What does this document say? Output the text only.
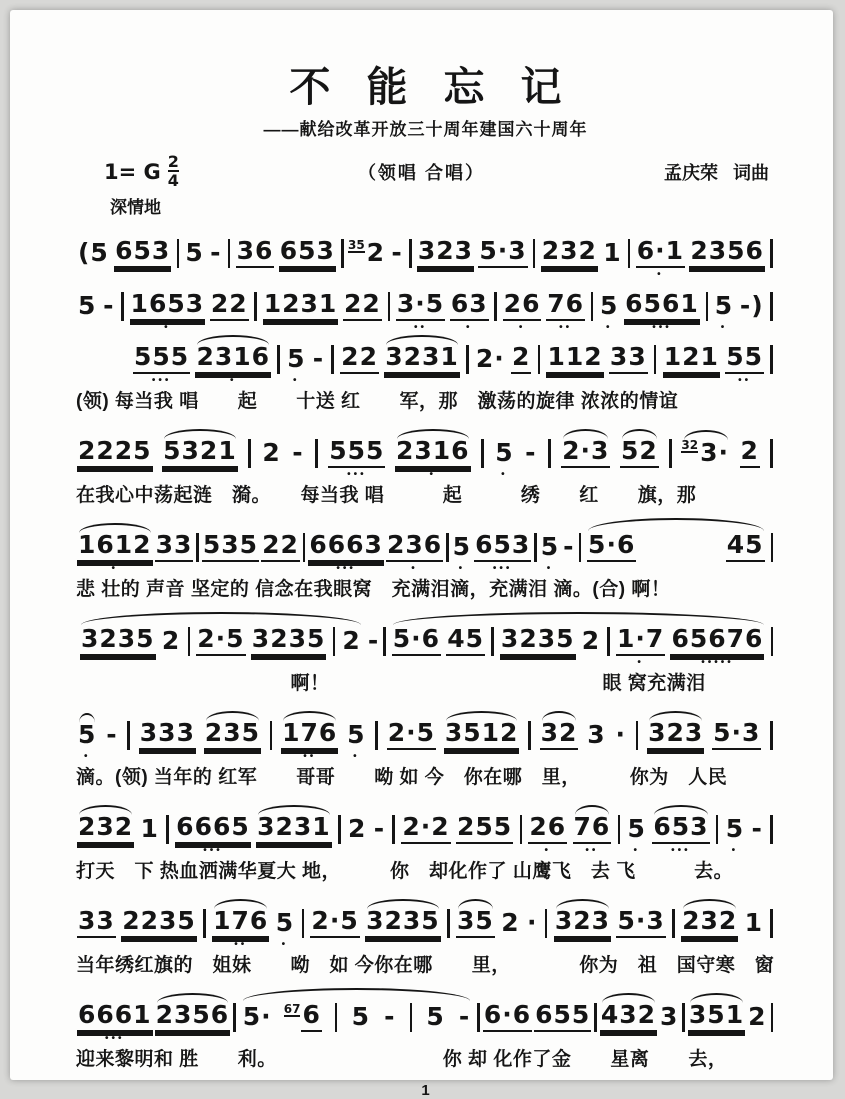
不能忘记
——献给改革开放三十周年建国六十周年
1= G $\frac{2}{4}$	（领唱 合唱）	孟庆荣   词曲
深情地
(5 653 5 - 36 653 35 2 - 323 5·3 232 1 6·1
•
2356
5 - 1653
•
22 1231 22 3·5
••
63
•
26
•
76
••
5
•
6561
•••
5
•
-)
555
•••
2316
•
5
•
- 22 3231 2· 2 112 33 121 55
••
(领) 每当我 唱　　起　　十送 红　　军，那　激荡的旋律 浓浓的情谊
2225 5321 2 - 555
•••
2316
•
5
•
- 2·3 52 32 3· 2
在我心中荡起涟　漪。　　每当我 唱　　　起　　　绣　　红　　旗，那
1612
•
33 535 22 6663
•••
236
•
5
•
653
•••
5
•
- 5·6	45
悲 壮的 声音 坚定的 信念在我眼窝　充满泪滴，充满泪 滴。(合) 啊！
3235 2 2·5 3235 2 - 5·6 45 3235 2 1·7
•
65676
•••••
　　　　　　　　　　　啊！　　　　　　　　　　　　　　眼 窝充满泪
5
•
- 333 235 176
••
5
•
2·5 3512 32 3 · 323 5·3
滴。(领) 当年的 红军　　哥哥　　呦 如 今　你在哪　里，　　　你为　人民
232 1 6665
•••
3231 2 - 2·2 255 26
•
76
••
5
•
653
•••
5
•
-
打天　下 热血洒满华夏大 地，　　　你　却化作了 山鹰飞　去 飞　　　去。
33 2235 176
••
5
•
2·5 3235 35 2 · 323 5·3 232 1
当年绣红旗的　姐妹　　呦　如 今你在哪　　里，　　　　你为　祖　国守寒　窗
6661
•••
2356 5· 67 6 5 - 5 - 6·6 655 432 3 351 2
迎来黎明和 胜　　利。　　　　　　　　　你 却 化作了金　　星离　　去，
1
